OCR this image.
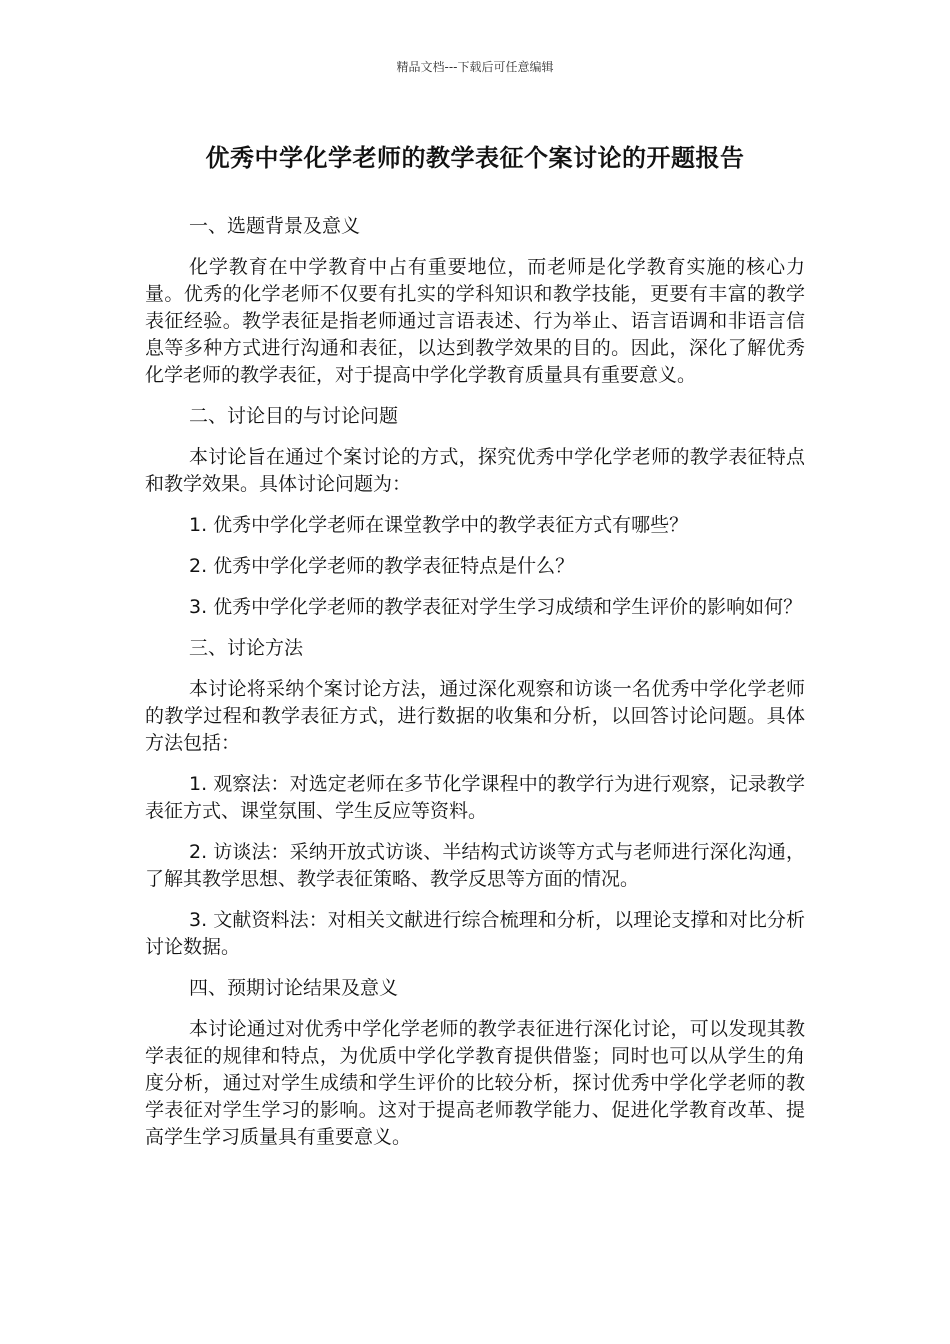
精品文档---下载后可任意编辑
优秀中学化学老师的教学表征个案讨论的开题报告

一、选题背景及意义

化学教育在中学教育中占有重要地位，而老师是化学教育实施的核心力量。优秀的化学老师不仅要有扎实的学科知识和教学技能，更要有丰富的教学表征经验。教学表征是指老师通过言语表述、行为举止、语言语调和非语言信息等多种方式进行沟通和表征，以达到教学效果的目的。因此，深化了解优秀化学老师的教学表征，对于提高中学化学教育质量具有重要意义。

二、讨论目的与讨论问题

本讨论旨在通过个案讨论的方式，探究优秀中学化学老师的教学表征特点和教学效果。具体讨论问题为：

1. 优秀中学化学老师在课堂教学中的教学表征方式有哪些？

2. 优秀中学化学老师的教学表征特点是什么？

3. 优秀中学化学老师的教学表征对学生学习成绩和学生评价的影响如何？

三、讨论方法

本讨论将采纳个案讨论方法，通过深化观察和访谈一名优秀中学化学老师的教学过程和教学表征方式，进行数据的收集和分析，以回答讨论问题。具体方法包括：

1. 观察法：对选定老师在多节化学课程中的教学行为进行观察，记录教学表征方式、课堂氛围、学生反应等资料。

2. 访谈法：采纳开放式访谈、半结构式访谈等方式与老师进行深化沟通，了解其教学思想、教学表征策略、教学反思等方面的情况。

3. 文献资料法：对相关文献进行综合梳理和分析，以理论支撑和对比分析讨论数据。

四、预期讨论结果及意义

本讨论通过对优秀中学化学老师的教学表征进行深化讨论，可以发现其教学表征的规律和特点，为优质中学化学教育提供借鉴；同时也可以从学生的角度分析，通过对学生成绩和学生评价的比较分析，探讨优秀中学化学老师的教学表征对学生学习的影响。这对于提高老师教学能力、促进化学教育改革、提高学生学习质量具有重要意义。
